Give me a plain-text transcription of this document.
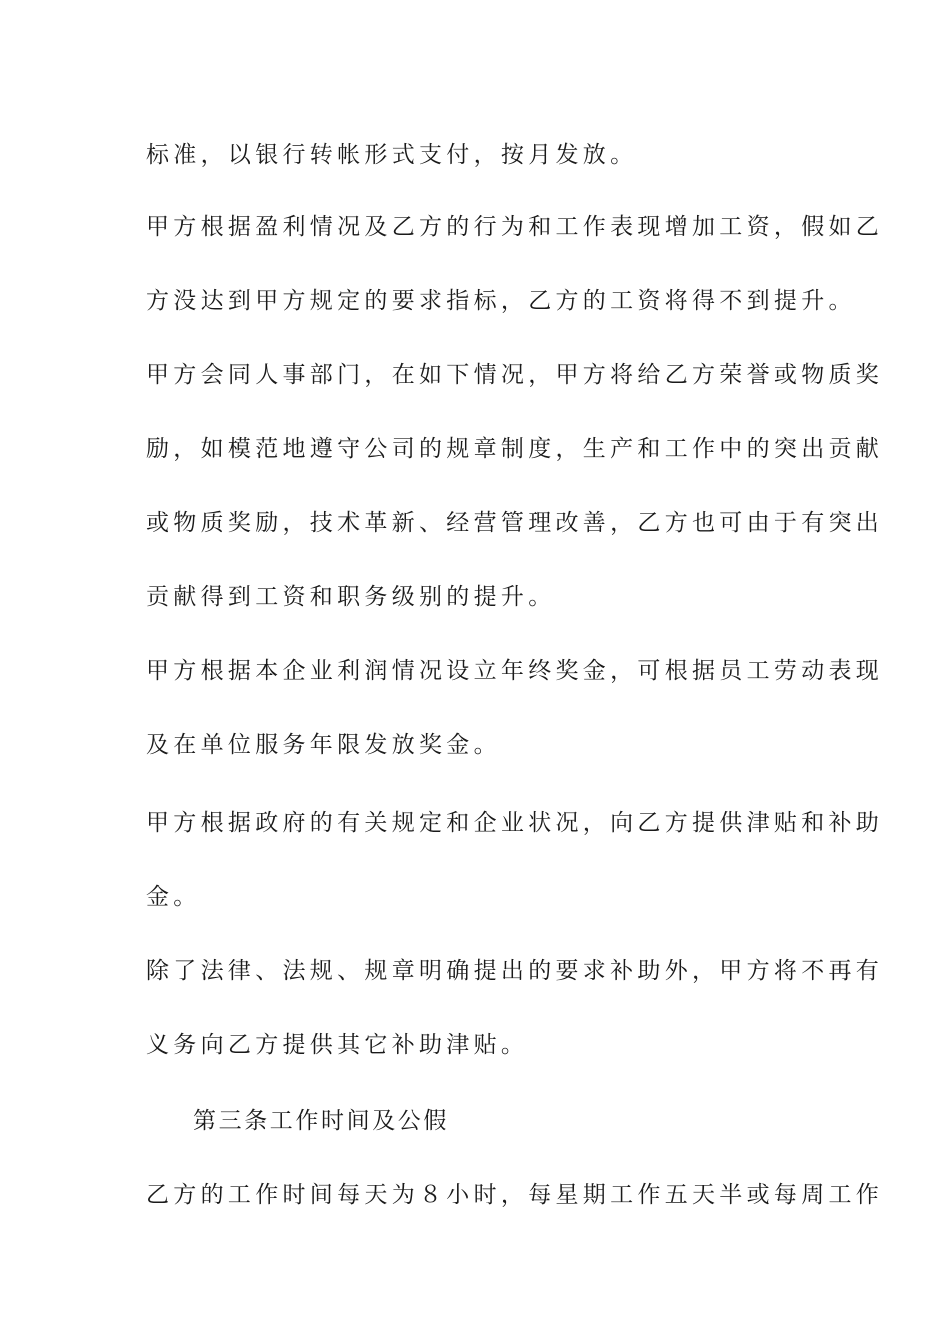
标准，以银行转帐形式支付，按月发放。
甲方根据盈利情况及乙方的行为和工作表现增加工资，假如乙
方没达到甲方规定的要求指标，乙方的工资将得不到提升。
甲方会同人事部门，在如下情况，甲方将给乙方荣誉或物质奖
励，如模范地遵守公司的规章制度，生产和工作中的突出贡献
或物质奖励，技术革新、经营管理改善，乙方也可由于有突出
贡献得到工资和职务级别的提升。
甲方根据本企业利润情况设立年终奖金，可根据员工劳动表现
及在单位服务年限发放奖金。
甲方根据政府的有关规定和企业状况，向乙方提供津贴和补助
金。
除了法律、法规、规章明确提出的要求补助外，甲方将不再有
义务向乙方提供其它补助津贴。
第三条工作时间及公假
乙方的工作时间每天为８小时，每星期工作五天半或每周工作
